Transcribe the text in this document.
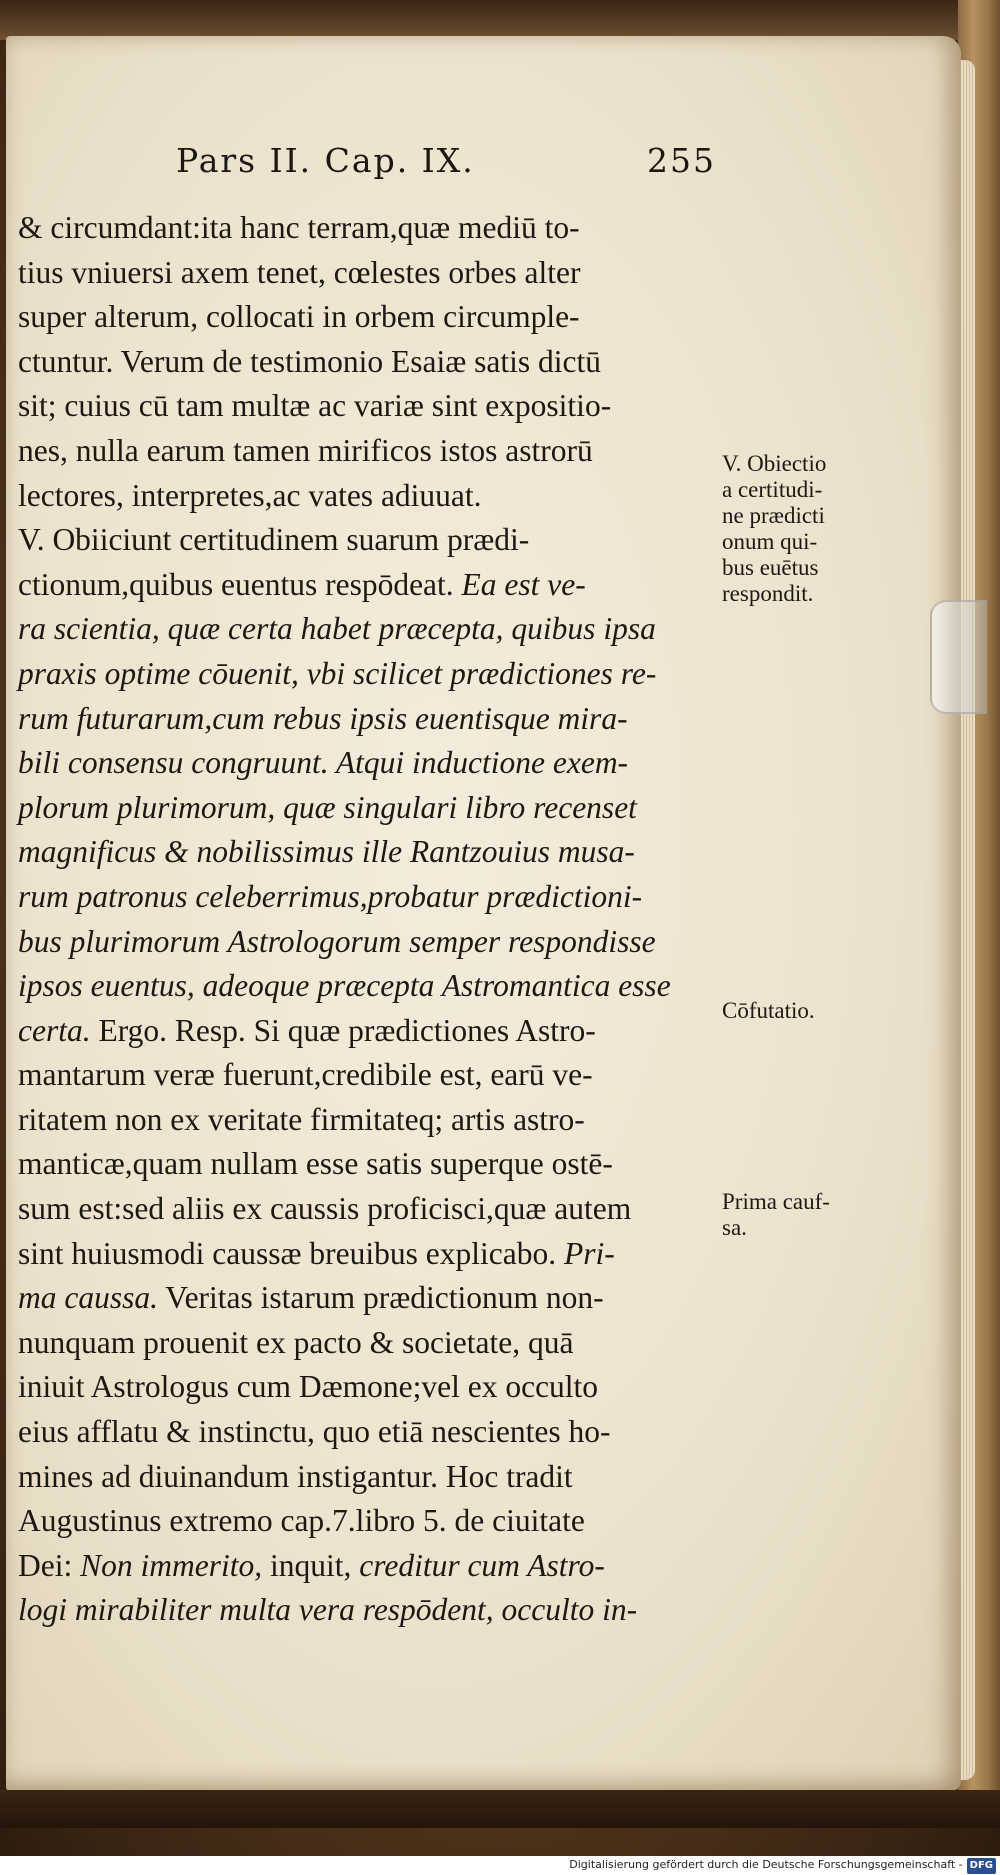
Pars II. Cap. IX.	255
& circumdant:ita hanc terram,quæ mediū to-
tius vniuersi axem tenet, cœlestes orbes alter
super alterum, collocati in orbem circumple-
ctuntur. Verum de testimonio Esaiæ satis dictū
sit; cuius cū tam multæ ac variæ sint expositio-
nes, nulla earum tamen mirificos istos astrorū
lectores, interpretes,ac vates adiuuat.
V. Obiiciunt certitudinem suarum prædi-
ctionum,quibus euentus respōdeat. Ea est ve-
ra scientia, quæ certa habet præcepta, quibus ipsa
praxis optime cōuenit, vbi scilicet prædictiones re-
rum futurarum,cum rebus ipsis euentisque mira-
bili consensu congruunt. Atqui inductione exem-
plorum plurimorum, quæ singulari libro recenset
magnificus & nobilissimus ille Rantzouius musa-
rum patronus celeberrimus,probatur prædictioni-
bus plurimorum Astrologorum semper respondisse
ipsos euentus, adeoque præcepta Astromantica esse
certa. Ergo. Resp. Si quæ prædictiones Astro-
mantarum veræ fuerunt,credibile est, earū ve-
ritatem non ex veritate firmitateq; artis astro-
manticæ,quam nullam esse satis superque ostē-
sum est:sed aliis ex caussis proficisci,quæ autem
sint huiusmodi caussæ breuibus explicabo. Pri-
ma caussa. Veritas istarum prædictionum non-
nunquam prouenit ex pacto & societate, quā
iniuit Astrologus cum Dæmone;vel ex occulto
eius afflatu & instinctu, quo etiā nescientes ho-
mines ad diuinandum instigantur. Hoc tradit
Augustinus extremo cap.7.libro 5. de ciuitate
Dei: Non immerito, inquit, creditur cum Astro-
logi mirabiliter multa vera respōdent, occulto in-
V. Obiectio
a certitudi-
ne prædicti
onum qui-
bus euētus
respondit.
Cōfutatio.
Prima cauf-
sa.
Digitalisierung gefördert durch die Deutsche Forschungsgemeinschaft - DFG
